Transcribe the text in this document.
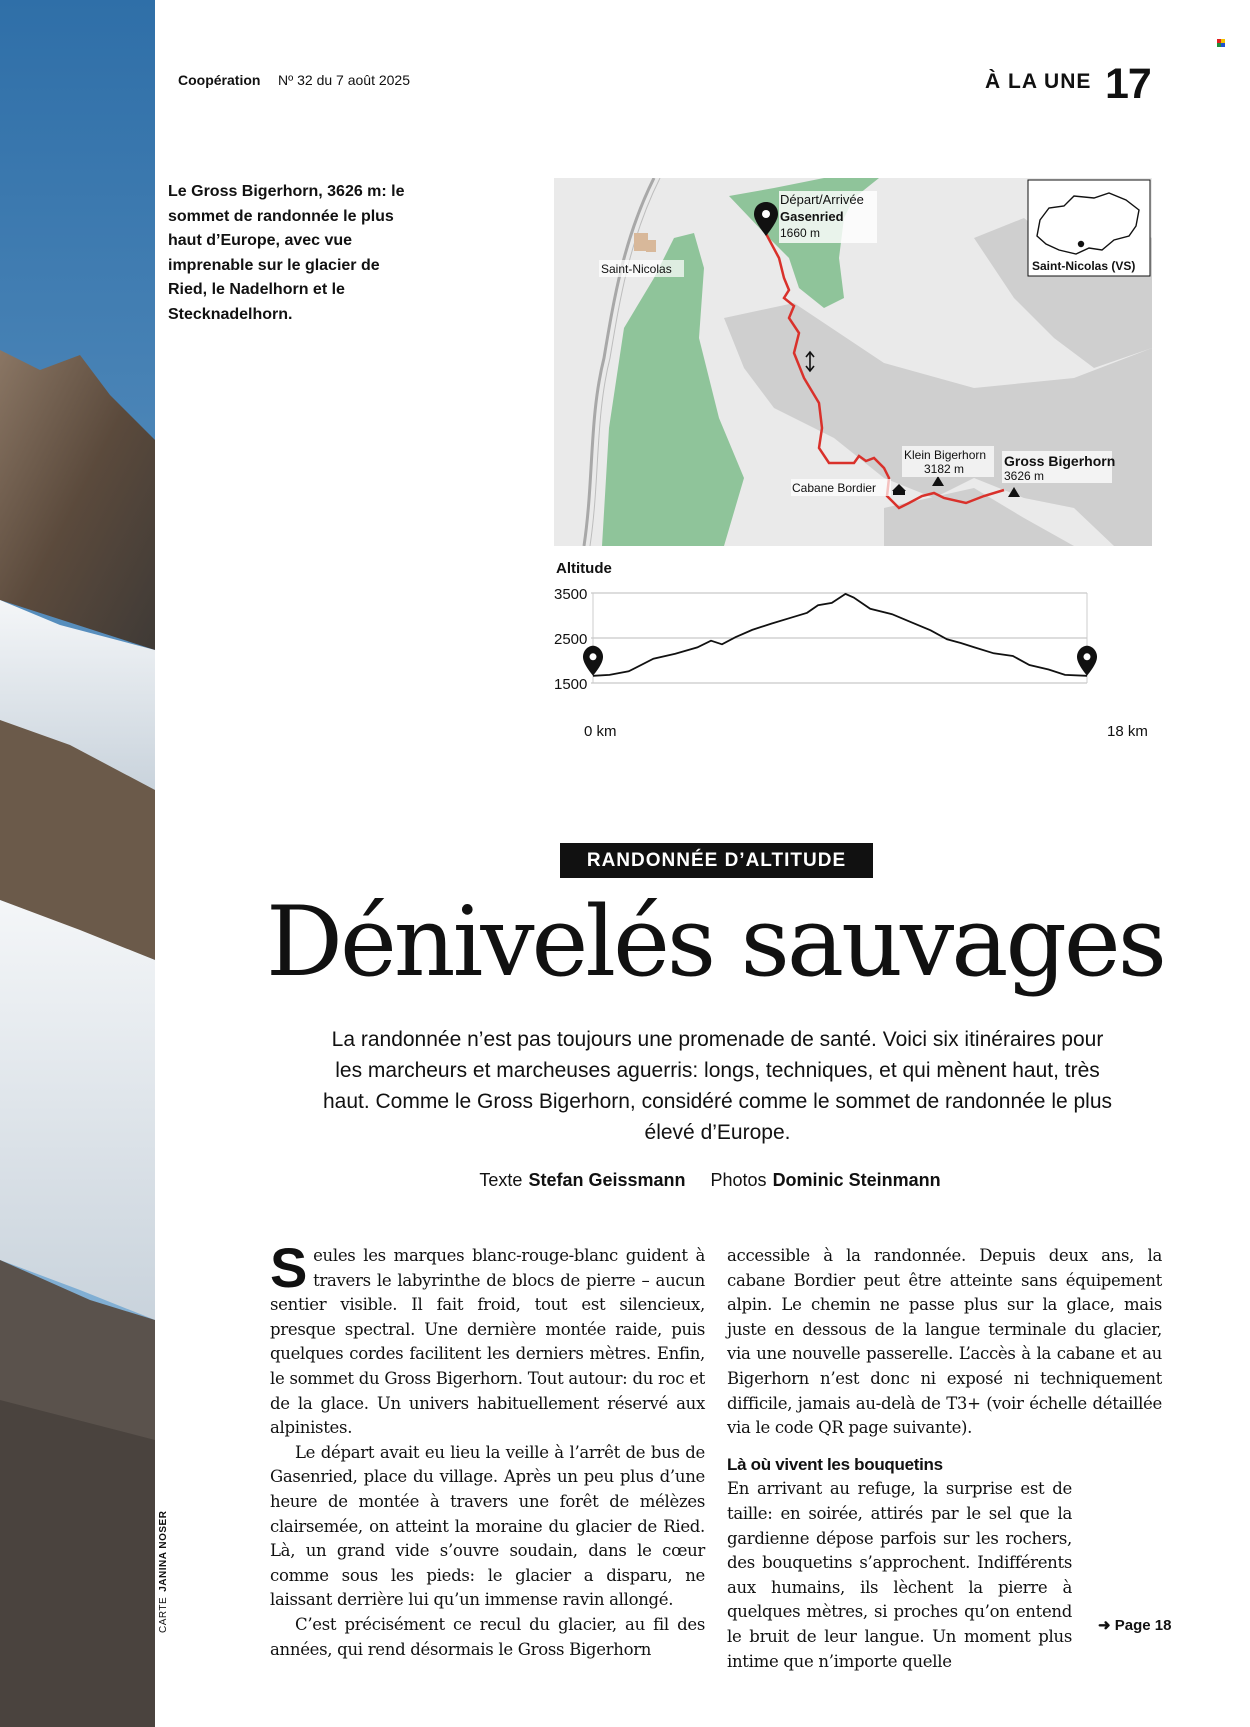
Coopération Nº 32 du 7 août 2025	À LA UNE 17
Le Gross Bigerhorn, 3626 m: le sommet de randonnée le plus haut d’Europe, avec vue imprenable sur le glacier de Ried, le Nadelhorn et le Stecknadelhorn.
Départ/Arrivée
Gasenried
1660 m
Saint-Nicolas
Cabane Bordier
Klein Bigerhorn
3182 m	Gross Bigerhorn
3626 m
Saint-Nicolas (VS)
Altitude
3500
2500
1500
0 km	18 km
RANDONNÉE D’ALTITUDE
Dénivelés sauvages
La randonnée n’est pas toujours une promenade de santé. Voici six itinéraires pour les marcheurs et marcheuses aguerris: longs, techniques, et qui mènent haut, très haut. Comme le Gross Bigerhorn, considéré comme le sommet de randonnée le plus élevé d’Europe.
Texte Stefan Geissmann Photos Dominic Steinmann

Seules les marques blanc-rouge-blanc guident à travers le labyrinthe de blocs de pierre – aucun sentier visible. Il fait froid, tout est silencieux, presque spectral. Une dernière montée raide, puis quelques cordes facilitent les derniers mètres. Enfin, le sommet du Gross Bigerhorn. Tout autour: du roc et de la glace. Un univers habituellement réservé aux alpinistes.

Le départ avait eu lieu la veille à l’arrêt de bus de Gasenried, place du village. Après un peu plus d’une heure de montée à travers une forêt de mélèzes clairsemée, on atteint la moraine du glacier de Ried. Là, un grand vide s’ouvre soudain, dans le cœur comme sous les pieds: le glacier a disparu, ne laissant derrière lui qu’un immense ravin allongé.

C’est précisément ce recul du glacier, au fil des années, qui rend désormais le Gross Bigerhorn

accessible à la randonnée. Depuis deux ans, la cabane Bordier peut être atteinte sans équipement alpin. Le chemin ne passe plus sur la glace, mais juste en dessous de la langue terminale du glacier, via une nouvelle passerelle. L’accès à la cabane et au Bigerhorn n’est donc ni exposé ni techniquement difficile, jamais au-delà de T3+ (voir échelle détaillée via le code QR page suivante).

Là où vivent les bouquetins

En arrivant au refuge, la surprise est de taille: en soirée, attirés par le sel que la gardienne dépose parfois sur les rochers, des bouquetins s’approchent. Indifférents aux humains, ils lèchent la pierre à quelques mètres, si proches qu’on entend le bruit de leur langue. Un moment plus intime que n’importe quelle

➜ Page 18
CARTEJANINA NOSER
